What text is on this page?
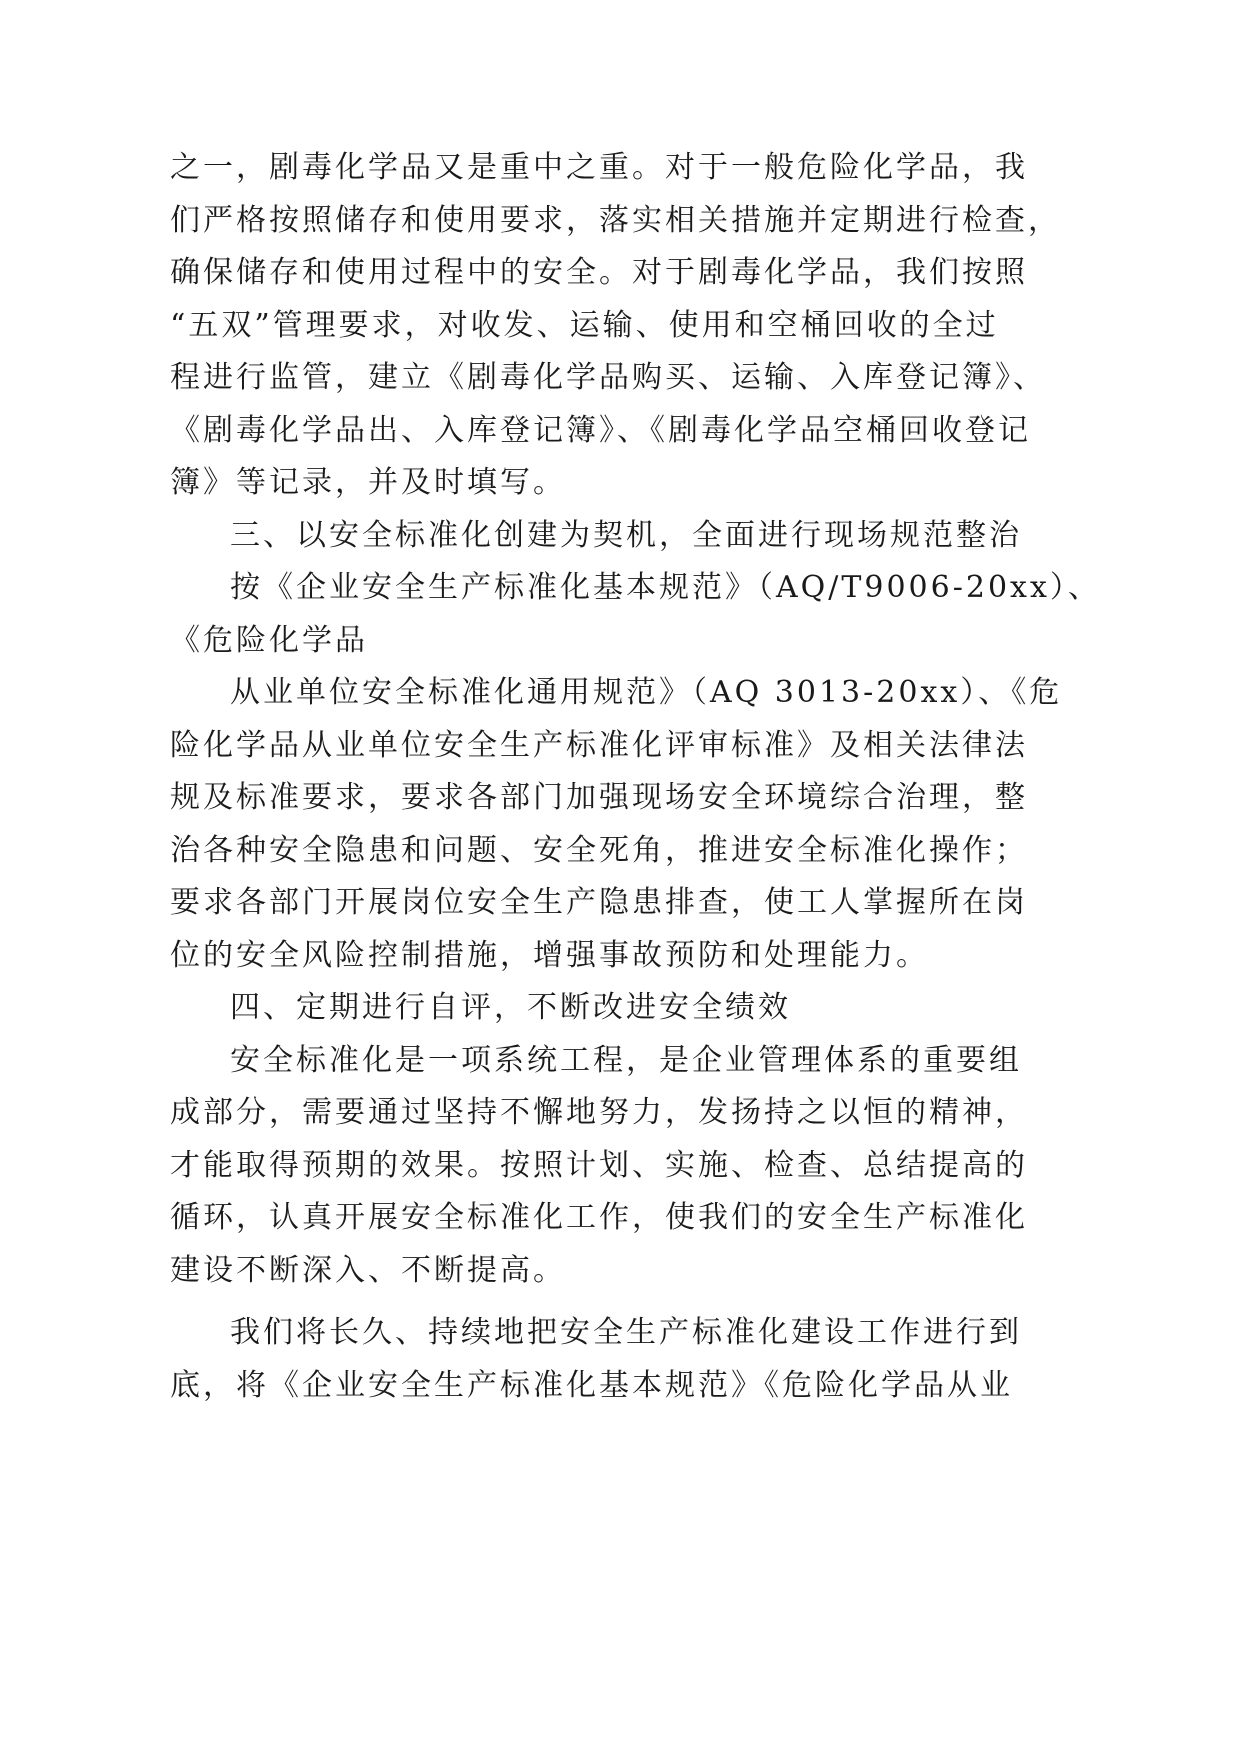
之一，剧毒化学品又是重中之重。对于一般危险化学品，我
们严格按照储存和使用要求，落实相关措施并定期进行检查，
确保储存和使用过程中的安全。对于剧毒化学品，我们按照
“五双”管理要求，对收发、运输、使用和空桶回收的全过
程进行监管，建立《剧毒化学品购买、运输、入库登记簿》、
《剧毒化学品出、入库登记簿》、《剧毒化学品空桶回收登记
簿》等记录，并及时填写。
三、以安全标准化创建为契机，全面进行现场规范整治
按《企业安全生产标准化基本规范》（AQ/T9006-20xx）、
《危险化学品
从业单位安全标准化通用规范》（AQ 3013-20xx）、《危
险化学品从业单位安全生产标准化评审标准》及相关法律法
规及标准要求，要求各部门加强现场安全环境综合治理，整
治各种安全隐患和问题、安全死角，推进安全标准化操作；
要求各部门开展岗位安全生产隐患排查，使工人掌握所在岗
位的安全风险控制措施，增强事故预防和处理能力。
四、定期进行自评，不断改进安全绩效
安全标准化是一项系统工程，是企业管理体系的重要组
成部分，需要通过坚持不懈地努力，发扬持之以恒的精神，
才能取得预期的效果。按照计划、实施、检查、总结提高的
循环，认真开展安全标准化工作，使我们的安全生产标准化
建设不断深入、不断提高。
我们将长久、持续地把安全生产标准化建设工作进行到
底，将《企业安全生产标准化基本规范》《危险化学品从业
